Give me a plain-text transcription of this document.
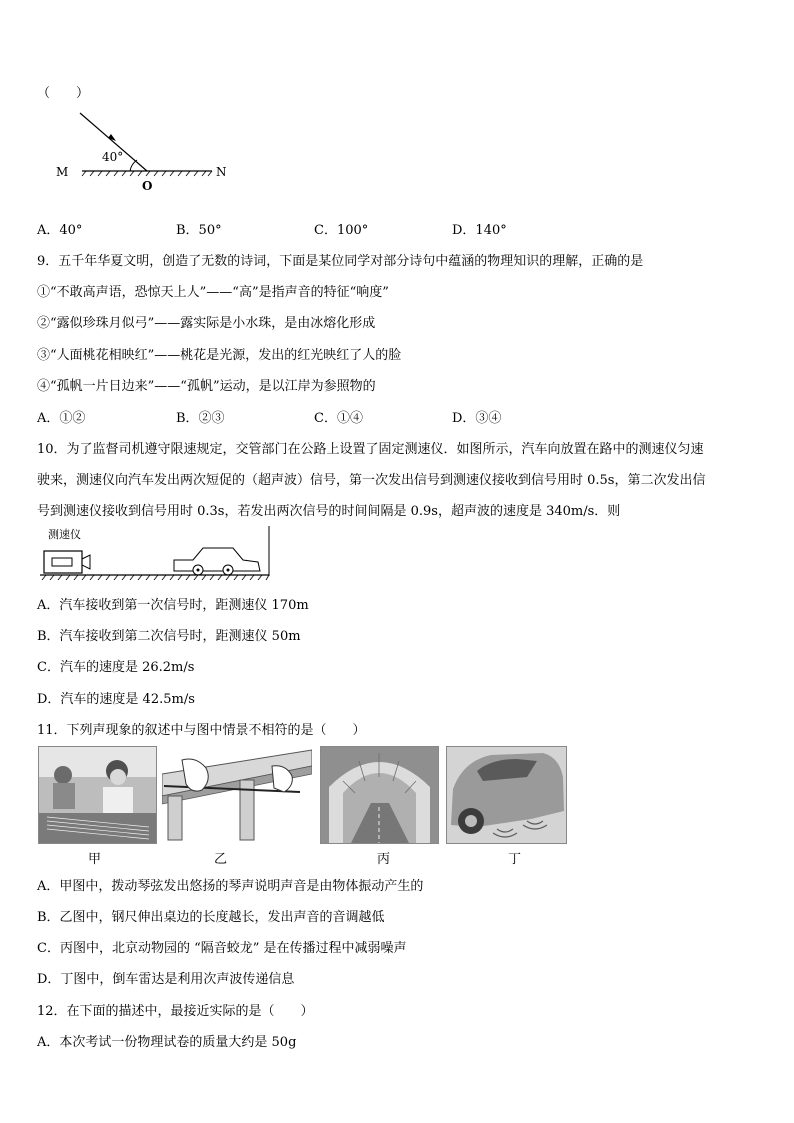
（　　）
40°
M	N
O
A．40°	B．50°	C．100°	D．140°
9．五千年华夏文明，创造了无数的诗词，下面是某位同学对部分诗句中蕴涵的物理知识的理解，正确的是
①“不敢高声语，恐惊天上人”——“高”是指声音的特征“响度”
②“露似珍珠月似弓”——露实际是小水珠，是由冰熔化形成
③“人面桃花相映红”——桃花是光源，发出的红光映红了人的脸
④“孤帆一片日边来”——“孤帆”运动，是以江岸为参照物的
A．①②	B．②③	C．①④	D．③④
10．为了监督司机遵守限速规定，交管部门在公路上设置了固定测速仪．如图所示，汽车向放置在路中的测速仪匀速
驶来，测速仪向汽车发出两次短促的（超声波）信号，第一次发出信号到测速仪接收到信号用时 0.5s，第二次发出信
号到测速仪接收到信号用时 0.3s，若发出两次信号的时间间隔是 0.9s，超声波的速度是 340m/s．则
测速仪
A．汽车接收到第一次信号时，距测速仪 170m
B．汽车接收到第二次信号时，距测速仪 50m
C．汽车的速度是 26.2m/s
D．汽车的速度是 42.5m/s
11．下列声现象的叙述中与图中情景不相符的是（　　）
甲	乙	丙	丁
A．甲图中，拨动琴弦发出悠扬的琴声说明声音是由物体振动产生的
B．乙图中，钢尺伸出桌边的长度越长，发出声音的音调越低
C．丙图中，北京动物园的 “隔音蛟龙” 是在传播过程中减弱噪声
D．丁图中，倒车雷达是利用次声波传递信息
12．在下面的描述中，最接近实际的是（　　）
A．本次考试一份物理试卷的质量大约是 50g
